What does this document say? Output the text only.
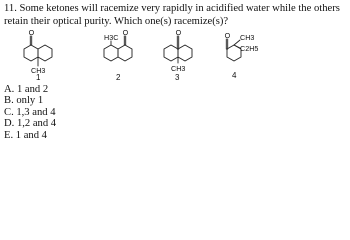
11. Some ketones will racemize very rapidly in acidified water while the others retain their optical purity. Which one(s) racemize(s)?

O
CH3
1
O
H3C
2
O
CH3
3
O CH3
C2H5
4
A. 1 and 2
B. only 1
C. 1,3 and 4
D. 1,2 and 4
E. 1 and 4
